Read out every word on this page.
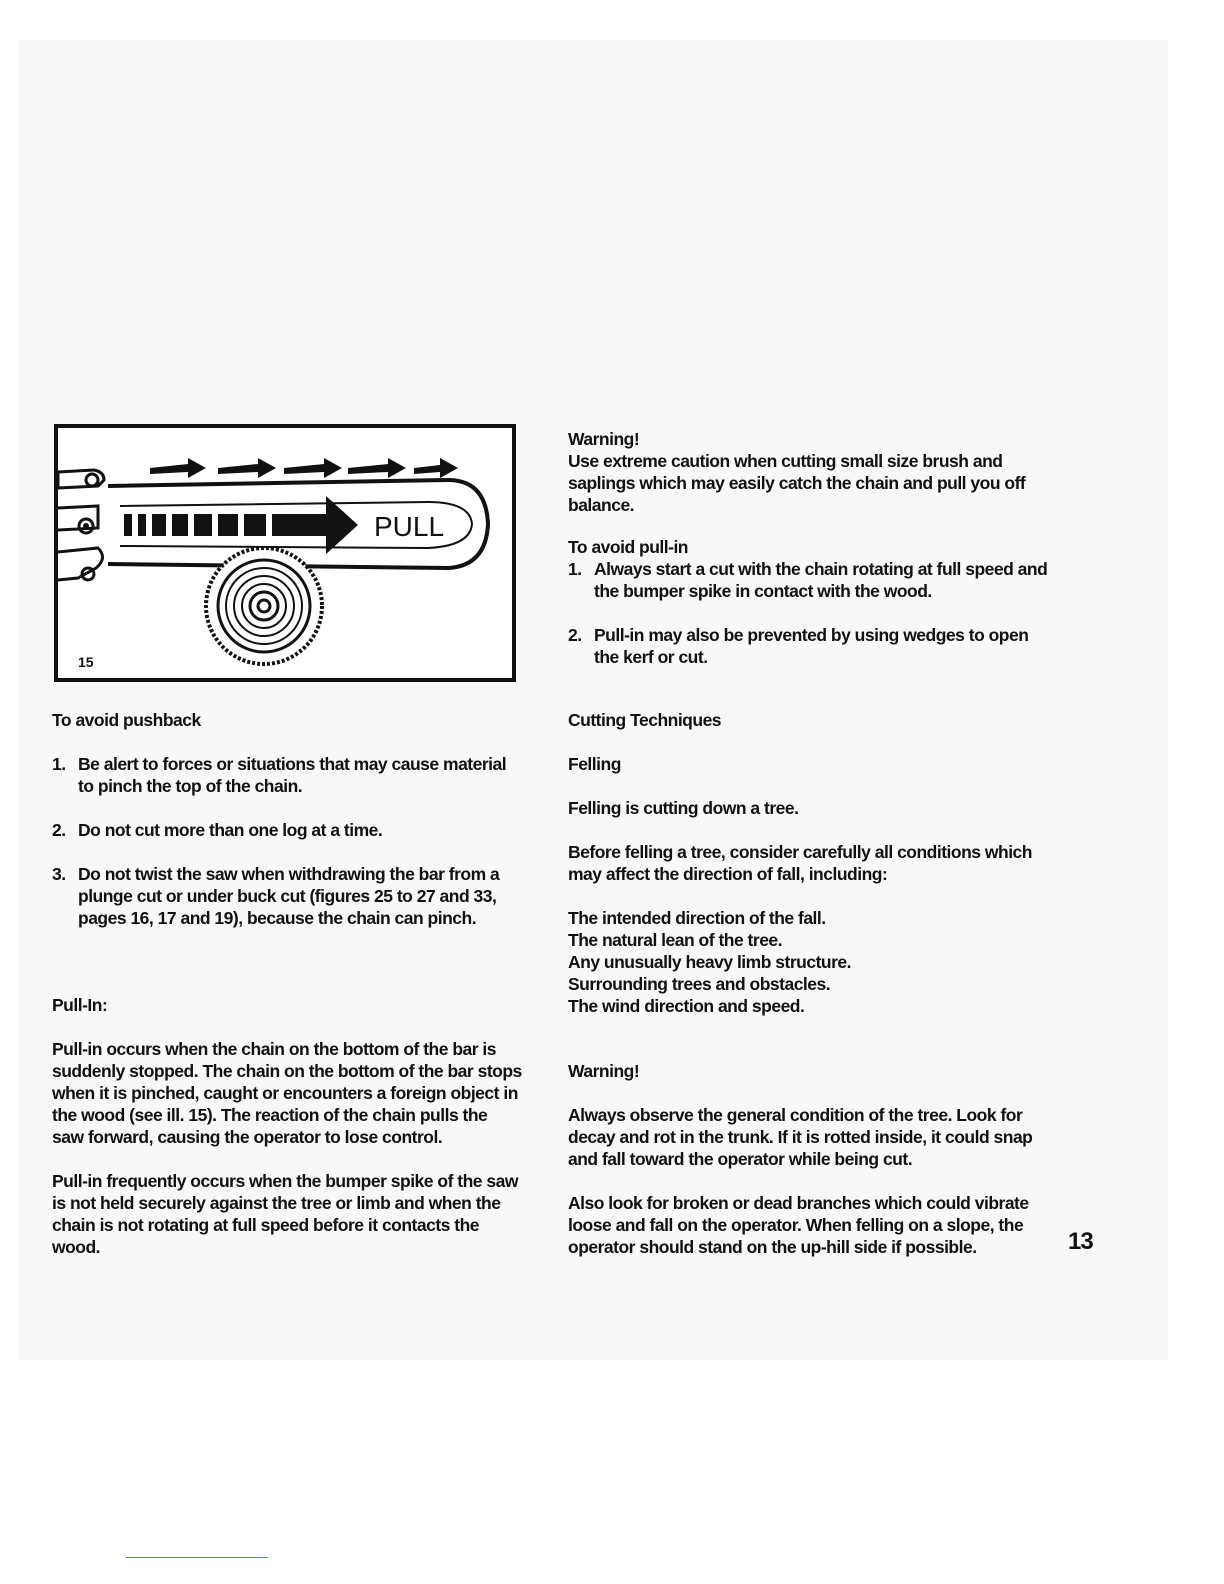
PULL
15

To avoid pushback

1. Be alert to forces or situations that may cause material to pinch the top of the chain.
2. Do not cut more than one log at a time.
3. Do not twist the saw when withdrawing the bar from a plunge cut or under buck cut (figures 25 to 27 and 33, pages 16, 17 and 19), because the chain can pinch.

Pull-In:

Pull-in occurs when the chain on the bottom of the bar is suddenly stopped. The chain on the bottom of the bar stops when it is pinched, caught or encounters a foreign object in the wood (see ill. 15). The reaction of the chain pulls the saw forward, causing the operator to lose control.

Pull-in frequently occurs when the bumper spike of the saw is not held securely against the tree or limb and when the chain is not rotating at full speed before it contacts the wood.

Warning!

Use extreme caution when cutting small size brush and saplings which may easily catch the chain and pull you off balance.

To avoid pull-in

1. Always start a cut with the chain rotating at full speed and the bumper spike in contact with the wood.
2. Pull-in may also be prevented by using wedges to open the kerf or cut.

Cutting Techniques

Felling

Felling is cutting down a tree.

Before felling a tree, consider carefully all conditions which may affect the direction of fall, including:

The intended direction of the fall.

The natural lean of the tree.

Any unusually heavy limb structure.

Surrounding trees and obstacles.

The wind direction and speed.

Warning!

Always observe the general condition of the tree. Look for decay and rot in the trunk. If it is rotted inside, it could snap and fall toward the operator while being cut.

Also look for broken or dead branches which could vibrate loose and fall on the operator. When felling on a slope, the operator should stand on the up-hill side if possible.	13
